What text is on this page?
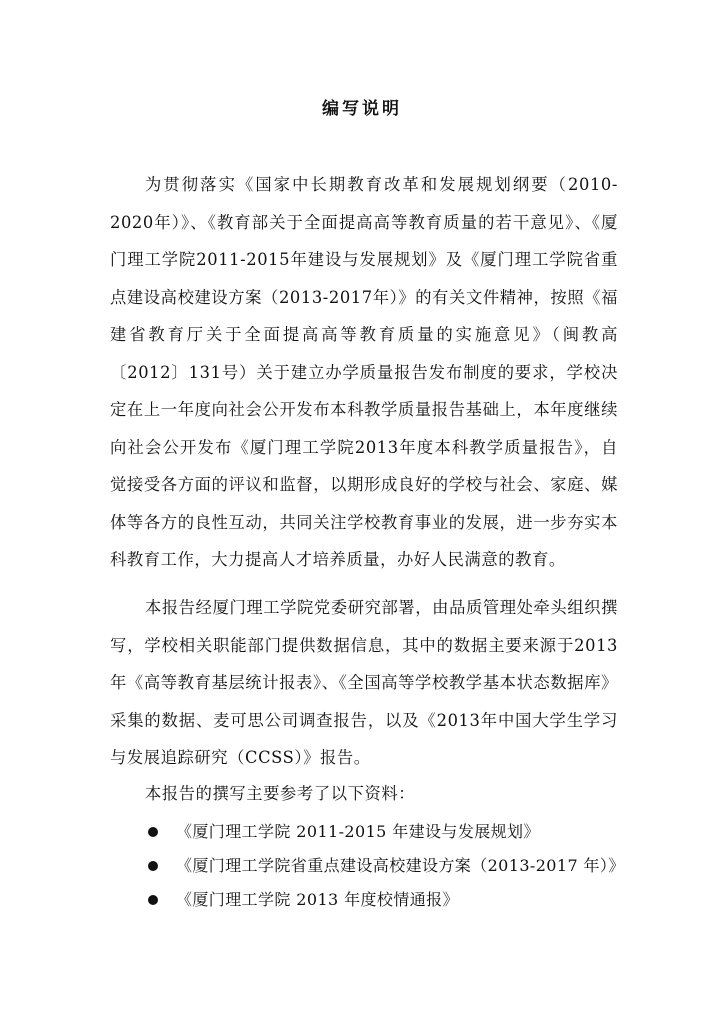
编写说明

为贯彻落实《国家中长期教育改革和发展规划纲要（2010-2020年）》、《教育部关于全面提高高等教育质量的若干意见》、《厦门理工学院2011-2015年建设与发展规划》及《厦门理工学院省重点建设高校建设方案（2013-2017年）》的有关文件精神，按照《福建省教育厅关于全面提高高等教育质量的实施意见》（闽教高〔2012〕131号）关于建立办学质量报告发布制度的要求，学校决定在上一年度向社会公开发布本科教学质量报告基础上，本年度继续向社会公开发布《厦门理工学院2013年度本科教学质量报告》，自觉接受各方面的评议和监督，以期形成良好的学校与社会、家庭、媒体等各方的良性互动，共同关注学校教育事业的发展，进一步夯实本科教育工作，大力提高人才培养质量，办好人民满意的教育。

本报告经厦门理工学院党委研究部署，由品质管理处牵头组织撰写，学校相关职能部门提供数据信息，其中的数据主要来源于2013年《高等教育基层统计报表》、《全国高等学校教学基本状态数据库》采集的数据、麦可思公司调查报告，以及《2013年中国大学生学习与发展追踪研究（CCSS）》报告。

本报告的撰写主要参考了以下资料：

《厦门理工学院 2011-2015 年建设与发展规划》
《厦门理工学院省重点建设高校建设方案（2013-2017 年）》
《厦门理工学院 2013 年度校情通报》
